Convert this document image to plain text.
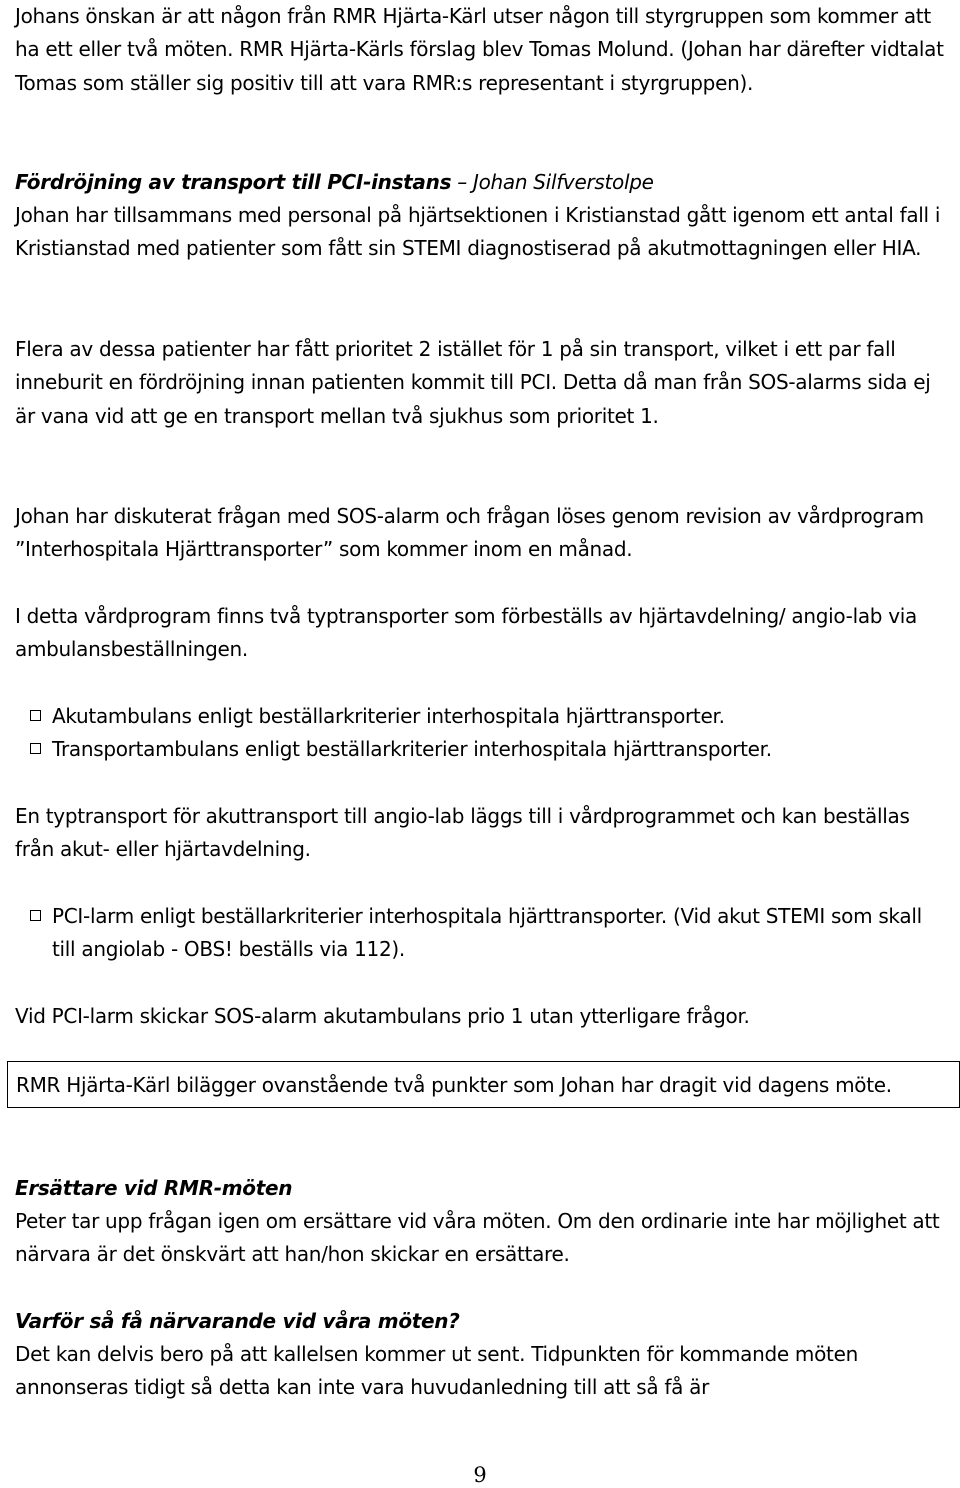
Johans önskan är att någon från RMR Hjärta-Kärl utser någon till styrgruppen som kommer att ha ett eller två möten. RMR Hjärta-Kärls förslag blev Tomas Molund. (Johan har därefter vidtalat Tomas som ställer sig positiv till att vara RMR:s representant i styrgruppen).

Fördröjning av transport till PCI-instans – Johan Silfverstolpe

Johan har tillsammans med personal på hjärtsektionen i Kristianstad gått igenom ett antal fall i Kristianstad med patienter som fått sin STEMI diagnostiserad på akutmottagningen eller HIA.

Flera av dessa patienter har fått prioritet 2 istället för 1 på sin transport, vilket i ett par fall inneburit en fördröjning innan patienten kommit till PCI. Detta då man från SOS-alarms sida ej är vana vid att ge en transport mellan två sjukhus som prioritet 1.

Johan har diskuterat frågan med SOS-alarm och frågan löses genom revision av vårdprogram ”Interhospitala Hjärttransporter” som kommer inom en månad.

I detta vårdprogram finns två typtransporter som förbeställs av hjärtavdelning/ angio-lab via ambulansbeställningen.

Akutambulans enligt beställarkriterier interhospitala hjärttransporter.
Transportambulans enligt beställarkriterier interhospitala hjärttransporter.

En typtransport för akuttransport till angio-lab läggs till i vårdprogrammet och kan beställas från akut- eller hjärtavdelning.

PCI-larm enligt beställarkriterier interhospitala hjärttransporter. (Vid akut STEMI som skall till angiolab - OBS! beställs via 112).

Vid PCI-larm skickar SOS-alarm akutambulans prio 1 utan ytterligare frågor.

RMR Hjärta-Kärl bilägger ovanstående två punkter som Johan har dragit vid dagens möte.

Ersättare vid RMR-möten

Peter tar upp frågan igen om ersättare vid våra möten. Om den ordinarie inte har möjlighet att närvara är det önskvärt att han/hon skickar en ersättare.

Varför så få närvarande vid våra möten?

Det kan delvis bero på att kallelsen kommer ut sent. Tidpunkten för kommande möten annonseras tidigt så detta kan inte vara huvudanledning till att så få är

9
